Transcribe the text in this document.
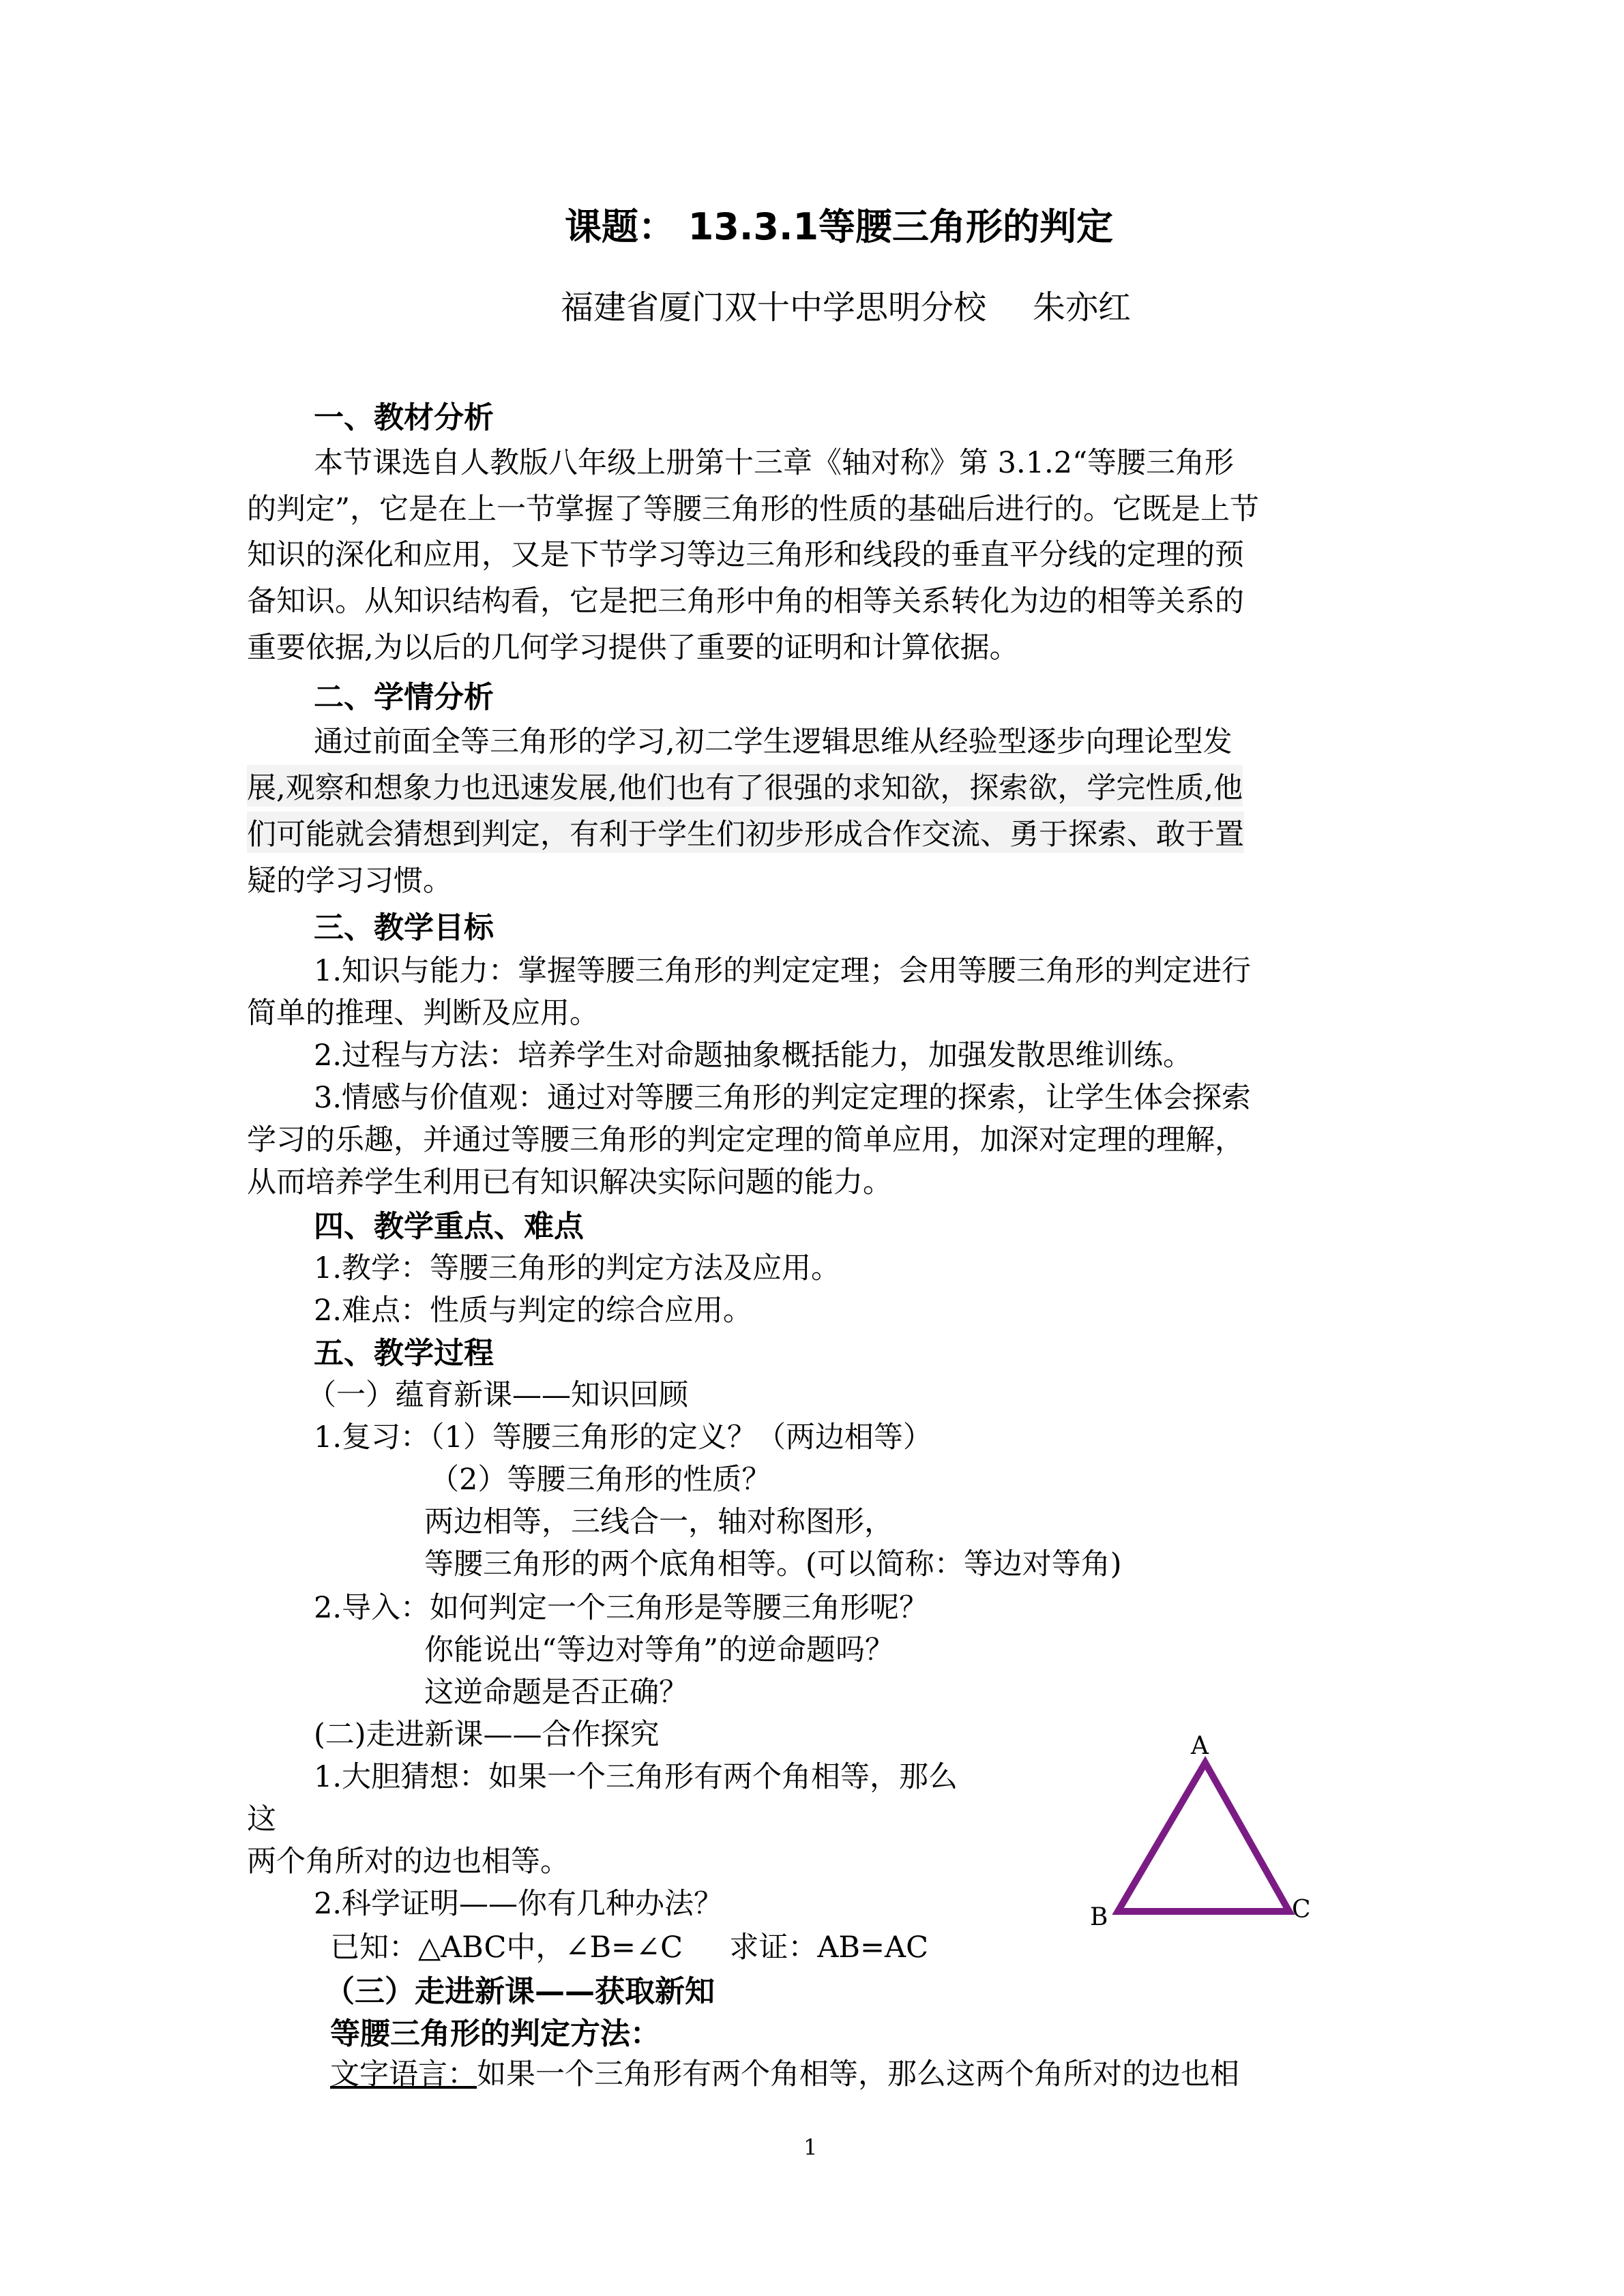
课题： 13.3.1等腰三角形的判定
福建省厦门双十中学思明分校 朱亦红
一、教材分析
本节课选自人教版八年级上册第十三章《轴对称》第 3.1.2“等腰三角形
的判定”，它是在上一节掌握了等腰三角形的性质的基础后进行的。它既是上节
知识的深化和应用，又是下节学习等边三角形和线段的垂直平分线的定理的预
备知识。从知识结构看，它是把三角形中角的相等关系转化为边的相等关系的
重要依据,为以后的几何学习提供了重要的证明和计算依据。
二、学情分析
通过前面全等三角形的学习,初二学生逻辑思维从经验型逐步向理论型发
展,观察和想象力也迅速发展,他们也有了很强的求知欲，探索欲，学完性质,他
们可能就会猜想到判定，有利于学生们初步形成合作交流、勇于探索、敢于置
疑的学习习惯。
三、教学目标
1.知识与能力：掌握等腰三角形的判定定理；会用等腰三角形的判定进行
简单的推理、判断及应用。
2.过程与方法：培养学生对命题抽象概括能力，加强发散思维训练。
3.情感与价值观：通过对等腰三角形的判定定理的探索，让学生体会探索
学习的乐趣，并通过等腰三角形的判定定理的简单应用，加深对定理的理解，
从而培养学生利用已有知识解决实际问题的能力。
四、教学重点、难点
1.教学：等腰三角形的判定方法及应用。
2.难点：性质与判定的综合应用。
五、教学过程
（一）蕴育新课——知识回顾
1.复习：（1）等腰三角形的定义？（两边相等）
（2）等腰三角形的性质？
两边相等，三线合一，轴对称图形，
等腰三角形的两个底角相等。(可以简称：等边对等角)
2.导入：如何判定一个三角形是等腰三角形呢？
你能说出“等边对等角”的逆命题吗？
这逆命题是否正确？
(二)走进新课——合作探究
1.大胆猜想：如果一个三角形有两个角相等，那么
这
两个角所对的边也相等。
2.科学证明——你有几种办法？
已知：△ABC中，∠B=∠C     求证：AB=AC
（三）走进新课——获取新知
等腰三角形的判定方法：
文字语言：如果一个三角形有两个角相等，那么这两个角所对的边也相
A
B	C
1
